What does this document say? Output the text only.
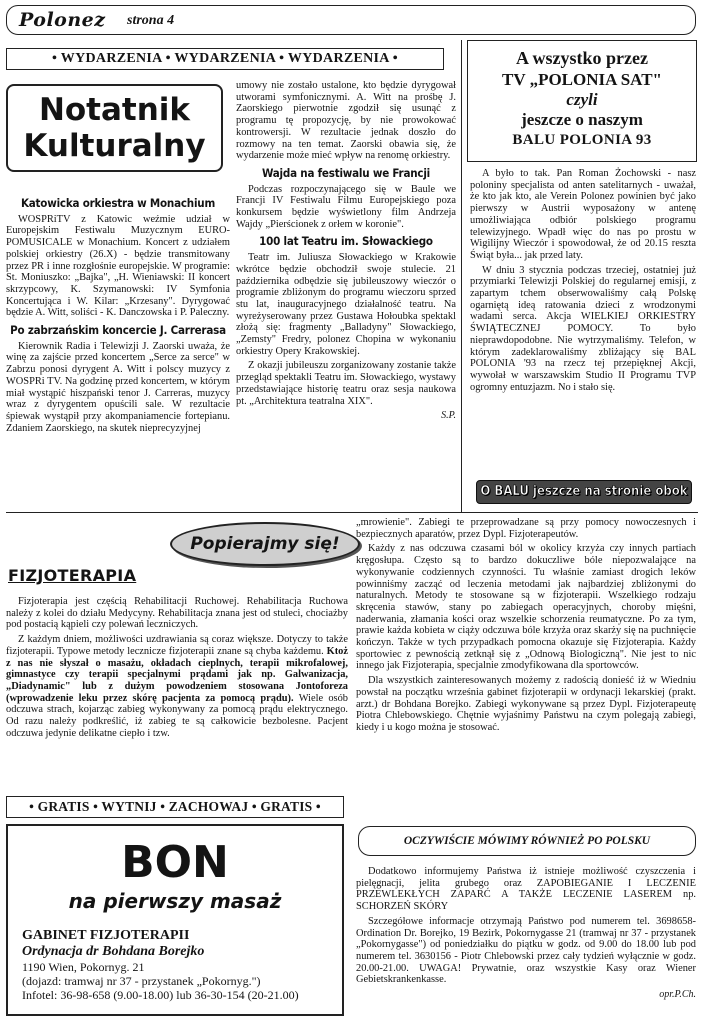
Polonez strona 4
• WYDARZENIA • WYDARZENIA • WYDARZENIA •
Notatnik
Kulturalny
Katowicka orkiestra w Monachium

WOSPRiTV z Katowic weźmie udział w Europejskim Festiwalu Muzycznym EURO-POMUSICALE w Monachium. Koncert z udziałem polskiej orkiestry (26.X) - będzie transmitowany przez PR i inne rozgłośnie europejskie. W programie: St. Moniuszko: „Bajka", „H. Wieniawski: II koncert skrzypcowy, K. Szymanowski: IV Symfonia Koncertująca i W. Kilar: „Krzesany". Dyrygować będzie A. Witt, soliści - K. Danczowska i P. Paleczny.

Po zabrzańskim koncercie J. Carrerasa

Kierownik Radia i Telewizji J. Zaorski uważa, że winę za zajście przed koncertem „Serce za serce" w Zabrzu ponosi dyrygent A. Witt i polscy muzycy z WOSPRi TV. Na godzinę przed koncertem, w którym miał wystąpić hiszpański tenor J. Carreras, muzycy wraz z dyrygentem opuścili sale. W rezultacie śpiewak wystąpił przy akompaniamencie fortepianu. Zdaniem Zaorskiego, na skutek nieprecyzyjnej

umowy nie zostało ustalone, kto będzie dyrygował utworami symfonicznymi. A. Witt na prośbę J. Zaorskiego pierwotnie zgodził się usunąć z programu tę propozycję, by nie prowokować kontrowersji. W rezultacie jednak doszło do rozmowy na ten temat. Zaorski obawia się, że wydarzenie może mieć wpływ na renomę orkiestry.

Wajda na festiwalu we Francji

Podczas rozpoczynającego się w Baule we Francji IV Festiwalu Filmu Europejskiego poza konkursem będzie wyświetlony film Andrzeja Wajdy „Pierścionek z orłem w koronie".

100 lat Teatru im. Słowackiego

Teatr im. Juliusza Słowackiego w Krakowie wkrótce będzie obchodził swoje stulecie. 21 października odbędzie się jubileuszowy wieczór o programie zbliżonym do programu wieczoru sprzed stu lat, inauguracyjnego działalność teatru. Na wyreżyserowany przez Gustawa Hołoubka spektakl złożą się: fragmenty „Balladyny" Słowackiego, „Zemsty" Fredry, polonez Chopina w wykonaniu orkiestry Opery Krakowskiej.

Z okazji jubileuszu zorganizowany zostanie także przegląd spektakli Teatru im. Słowackiego, wystawy przedstawiające historię teatru oraz sesja naukowa pt. „Architektura teatralna XIX".

S.P.
A wszystko przez
TV „POLONIA SAT"
czyli
jeszcze o naszym
BALU POLONIA 93

A było to tak. Pan Roman Żochowski - nasz poloniny specjalista od anten satelitarnych - uważał, że kto jak kto, ale Verein Polonez powinien być jako pierwszy w Austrii wyposażony w antenę umożliwiająca odbiór polskiego programu telewizyjnego. Wpadł więc do nas po prostu w Wigilijny Wieczór i spowodował, że od 20.15 reszta Świąt była... jak przed laty.

W dniu 3 stycznia podczas trzeciej, ostatniej już przymiarki Telewizji Polskiej do regularnej emisji, z zapartym tchem obserwowaliśmy całą Polskę ogarniętą ideą ratowania dzieci z wrodzonymi wadami serca. Akcja WIELKIEJ ORKIESTRY ŚWIĄTECZNEJ POMOCY. To było nieprawdopodobne. Nie wytrzymaliśmy. Telefon, w którym zadeklarowaliśmy zbliżający się BAL POLONIA '93 na rzecz tej przepięknej Akcji, wywołał w warszawskim Studio II Programu TVP ogromny entuzjazm. No i stało się.

O BALU jeszcze na stronie obok
Popierajmy się!
FIZJOTERAPIA

Fizjoterapia jest częścią Rehabilitacji Ruchowej. Rehabilitacja Ruchowa należy z kolei do działu Medycyny. Rehabilitacja znana jest od stuleci, chociażby pod postacią kąpieli czy polewań leczniczych.

Z każdym dniem, możliwości uzdrawiania są coraz większe. Dotyczy to także fizjoterapii. Typowe metody lecznicze fizjoterapii znane są chyba każdemu. Ktoż z nas nie słyszał o masażu, okładach cieplnych, terapii mikrofalowej, gimnastyce czy terapii specjalnymi prądami jak np. Galwanizacja, „Diadynamic" lub z dużym powodzeniem stosowana Jontoforeza (wprowadzenie leku przez skórę pacjenta za pomocą prądu). Wiele osób odczuwa strach, kojarząc zabieg wykonywany za pomocą prądu elektrycznego. Od razu należy podkreślić, iż zabieg te są całkowicie bezbolesne. Pacjent odczuwa jedynie delikatne ciepło i tzw.

„mrowienie". Zabiegi te przeprowadzane są przy pomocy nowoczesnych i bezpiecznych aparatów, przez Dypl. Fizjoterapeutów.

Każdy z nas odczuwa czasami ból w okolicy krzyża czy innych partiach kręgosłupa. Często są to bardzo dokuczliwe bóle niepozwalające na wykonywanie codziennych czynności. Tu właśnie zamiast drogich leków powinniśmy zacząć od leczenia metodami jak najbardziej zbliżonymi do naturalnych. Metody te stosowane są w fizjoterapii. Wszelkiego rodzaju skręcenia stawów, stany po zabiegach operacyjnych, choroby mięśni, naderwania, złamania kości oraz wszelkie schorzenia reumatyczne. Po za tym, prawie każda kobieta w ciąży odczuwa bóle krzyża oraz skarży się na puchnięcie kończyn. Także w tych przypadkach pomocna okazuje się Fizjoterapia. Każdy sportowiec z pewnością zetknął się z „Odnową Biologiczną". Nie jest to nic innego jak Fizjoterapia, specjalnie zmodyfikowana dla sportowców.

Dla wszystkich zainteresowanych możemy z radością donieść iż w Wiedniu powstał na początku września gabinet fizjoterapii w ordynacji lekarskiej (prakt. arzt.) dr Bohdana Borejko. Zabiegi wykonywane są przez Dypl. Fizjoterapeutę Piotra Chlebowskiego. Chętnie wyjaśnimy Państwu na czym polegają zabiegi, kiedy i u kogo można je stosować.

• GRATIS • WYTNIJ • ZACHOWAJ • GRATIS •
BON
na pierwszy masaż
GABINET FIZJOTERAPII
Ordynacja dr Bohdana Borejko
1190 Wien, Pokornyg. 21
(dojazd: tramwaj nr 37 - przystanek „Pokornyg.")
Infotel: 36-98-658 (9.00-18.00) lub 36-30-154 (20-21.00)
OCZYWIŚCIE MÓWIMY RÓWNIEŻ PO POLSKU

Dodatkowo informujemy Państwa iż istnieje możliwość czyszczenia i pielęgnacji, jelita grubego oraz ZAPOBIEGANIE I LECZENIE PRZEWLEKŁYCH ZAPARĆ A TAKŻE LECZENIE LASEREM np. SCHORZEŃ SKÓRY

Szczegółowe informacje otrzymają Państwo pod numerem tel. 3698658-Ordination Dr. Borejko, 19 Bezirk, Pokornygasse 21 (tramwaj nr 37 - przystanek „Pokornygasse") od poniedziałku do piątku w godz. od 9.00 do 18.00 lub pod numerem tel. 3630156 - Piotr Chlebowski przez cały tydzień wyłącznie w godz. 20.00-21.00. UWAGA! Prywatnie, oraz wszystkie Kasy oraz Wiener Gebietskrankenkasse.

opr.P.Ch.
